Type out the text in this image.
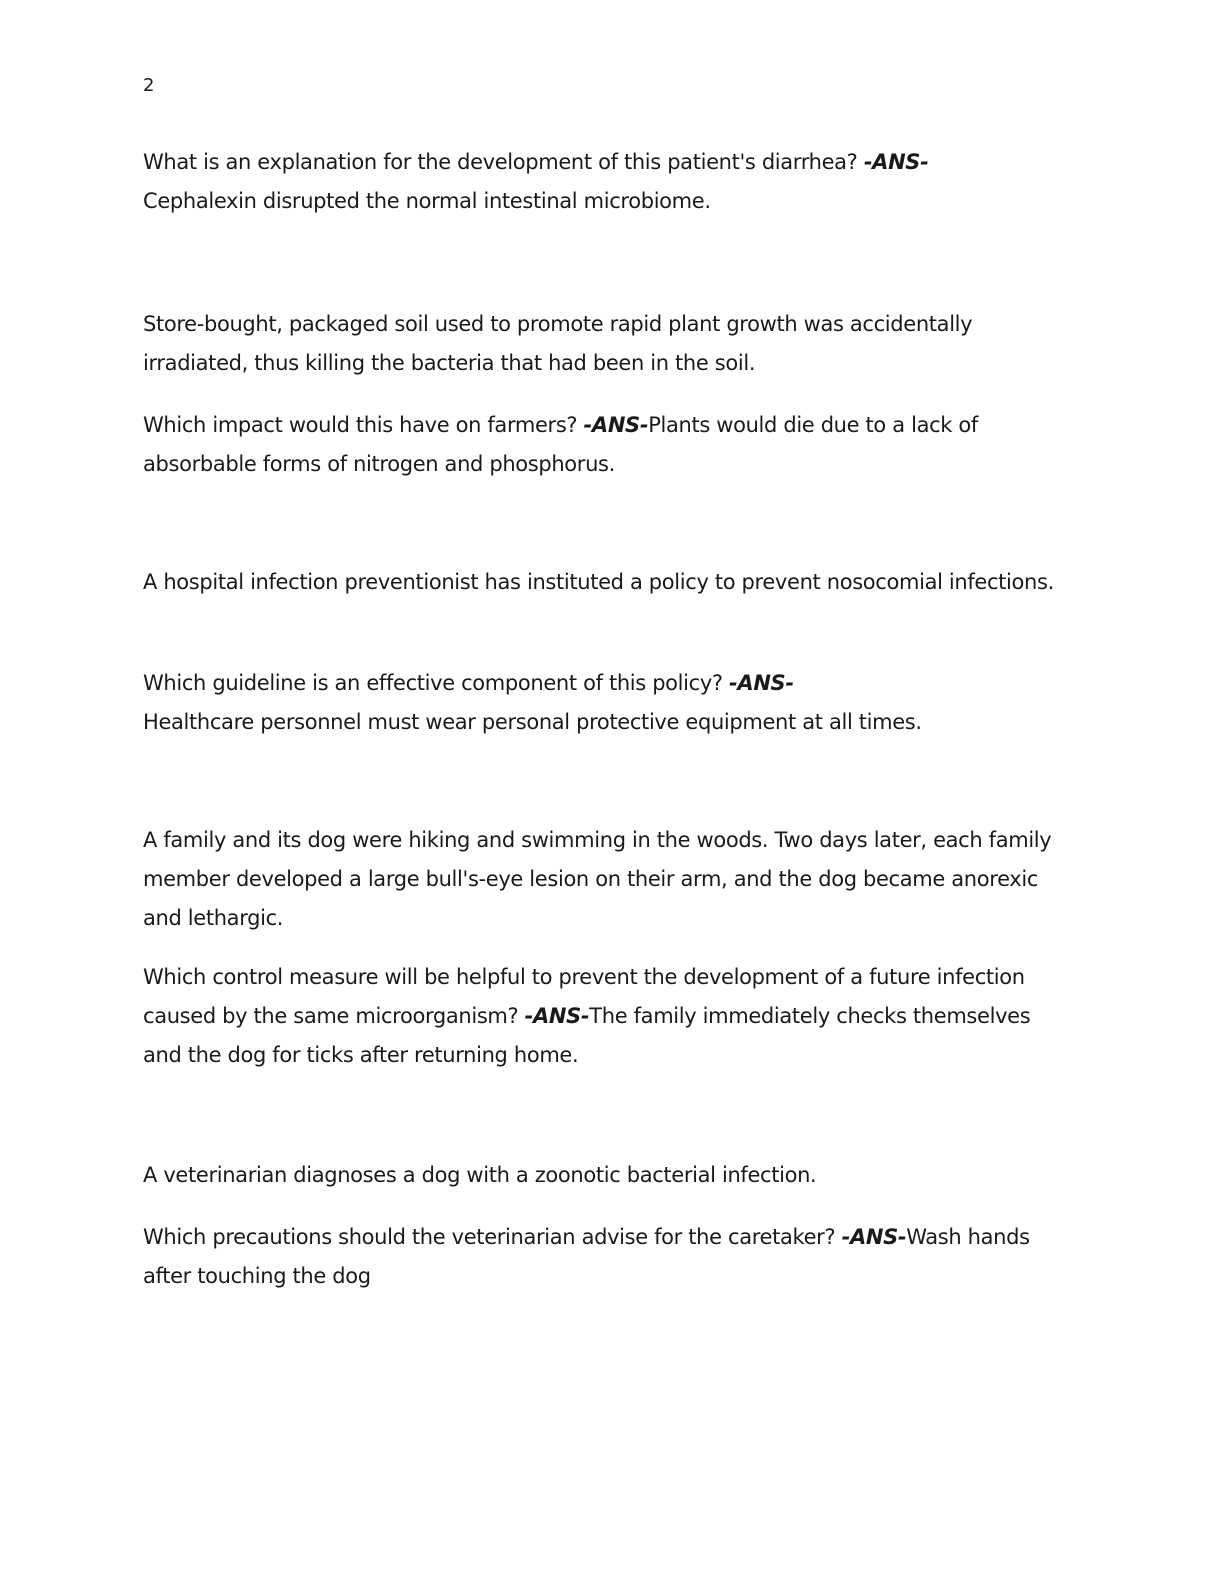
2

What is an explanation for the development of this patient's diarrhea? -ANS-
Cephalexin disrupted the normal intestinal microbiome.

Store-bought, packaged soil used to promote rapid plant growth was accidentally irradiated, thus killing the bacteria that had been in the soil.

Which impact would this have on farmers? -ANS-Plants would die due to a lack of absorbable forms of nitrogen and phosphorus.

A hospital infection preventionist has instituted a policy to prevent nosocomial infections.

Which guideline is an effective component of this policy? -ANS-
Healthcare personnel must wear personal protective equipment at all times.

A family and its dog were hiking and swimming in the woods. Two days later, each family member developed a large bull's-eye lesion on their arm, and the dog became anorexic and lethargic.

Which control measure will be helpful to prevent the development of a future infection caused by the same microorganism? -ANS-The family immediately checks themselves and the dog for ticks after returning home.

A veterinarian diagnoses a dog with a zoonotic bacterial infection.

Which precautions should the veterinarian advise for the caretaker? -ANS-Wash hands after touching the dog
